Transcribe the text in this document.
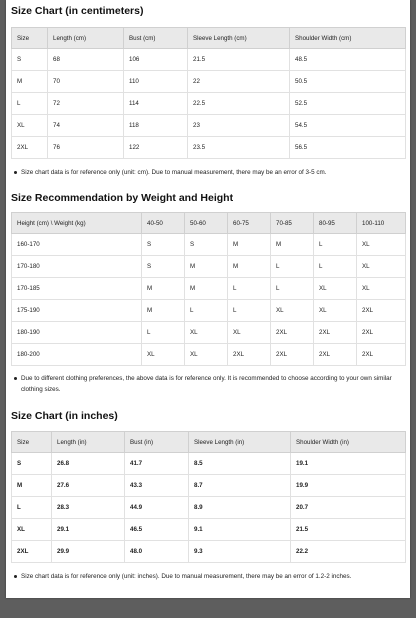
Size Chart (in centimeters)
Size	Length (cm)	Bust (cm)	Sleeve Length (cm)	Shoulder Width (cm)
S	68	106	21.5	48.5
M	70	110	22	50.5
L	72	114	22.5	52.5
XL	74	118	23	54.5
2XL	76	122	23.5	56.5
Size chart data is for reference only (unit: cm). Due to manual measurement, there may be an error of 3-5 cm.
Size Recommendation by Weight and Height
Height (cm) \ Weight (kg)	40-50	50-60	60-75	70-85	80-95	100-110
160-170	S	S	M	M	L	XL
170-180	S	M	M	L	L	XL
170-185	M	M	L	L	XL	XL
175-190	M	L	L	XL	XL	2XL
180-190	L	XL	XL	2XL	2XL	2XL
180-200	XL	XL	2XL	2XL	2XL	2XL
Due to different clothing preferences, the above data is for reference only. It is recommended to choose according to your own similar clothing sizes.
Size Chart (in inches)
Size	Length (in)	Bust (in)	Sleeve Length (in)	Shoulder Width (in)
S	26.8	41.7	8.5	19.1
M	27.6	43.3	8.7	19.9
L	28.3	44.9	8.9	20.7
XL	29.1	46.5	9.1	21.5
2XL	29.9	48.0	9.3	22.2
Size chart data is for reference only (unit: inches). Due to manual measurement, there may be an error of 1.2-2 inches.
